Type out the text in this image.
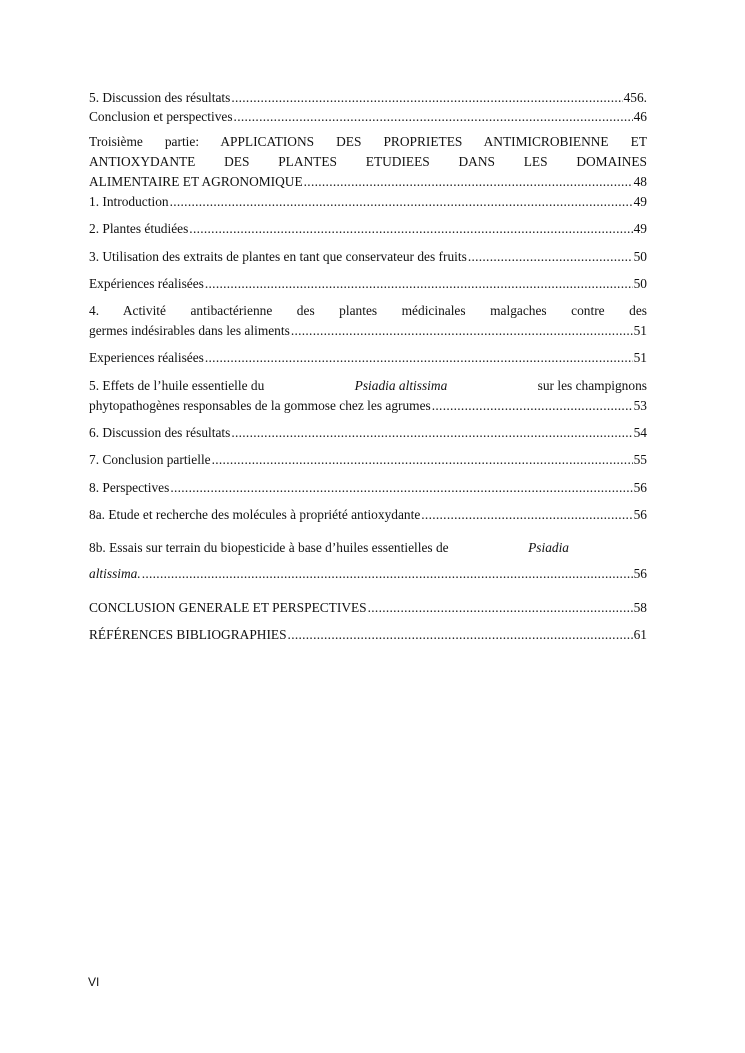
5. Discussion des résultats .....	456.
Conclusion et perspectives .....	46
Troisième partie: APPLICATIONS DES PROPRIETES ANTIMICROBIENNE ET
ANTIOXYDANTE DES PLANTES ETUDIEES DANS LES DOMAINES
ALIMENTAIRE ET AGRONOMIQUE .....	48
1. Introduction .....	49
2. Plantes étudiées .....	49
3. Utilisation des extraits de plantes en tant que conservateur des fruits .....	50
Expériences réalisées .....	50
4. Activité antibactérienne des plantes médicinales malgaches contre des
germes indésirables dans les aliments .....	51
Experiences réalisées .....	51
5. Effets de l’huile essentielle du	Psiadia altissima	sur les champignons
phytopathogènes responsables de la gommose chez les agrumes .....	53
6. Discussion des résultats .....	54
7. Conclusion partielle .....	55
8. Perspectives .....	56
8a. Etude et recherche des molécules à propriété antioxydante .....	56
8b. Essais sur terrain du biopesticide à base d’huiles essentielles de	Psiadia
altissima. .....	56
CONCLUSION GENERALE ET PERSPECTIVES .....	58
RÉFÉRENCES BIBLIOGRAPHIES .....	61
VI
